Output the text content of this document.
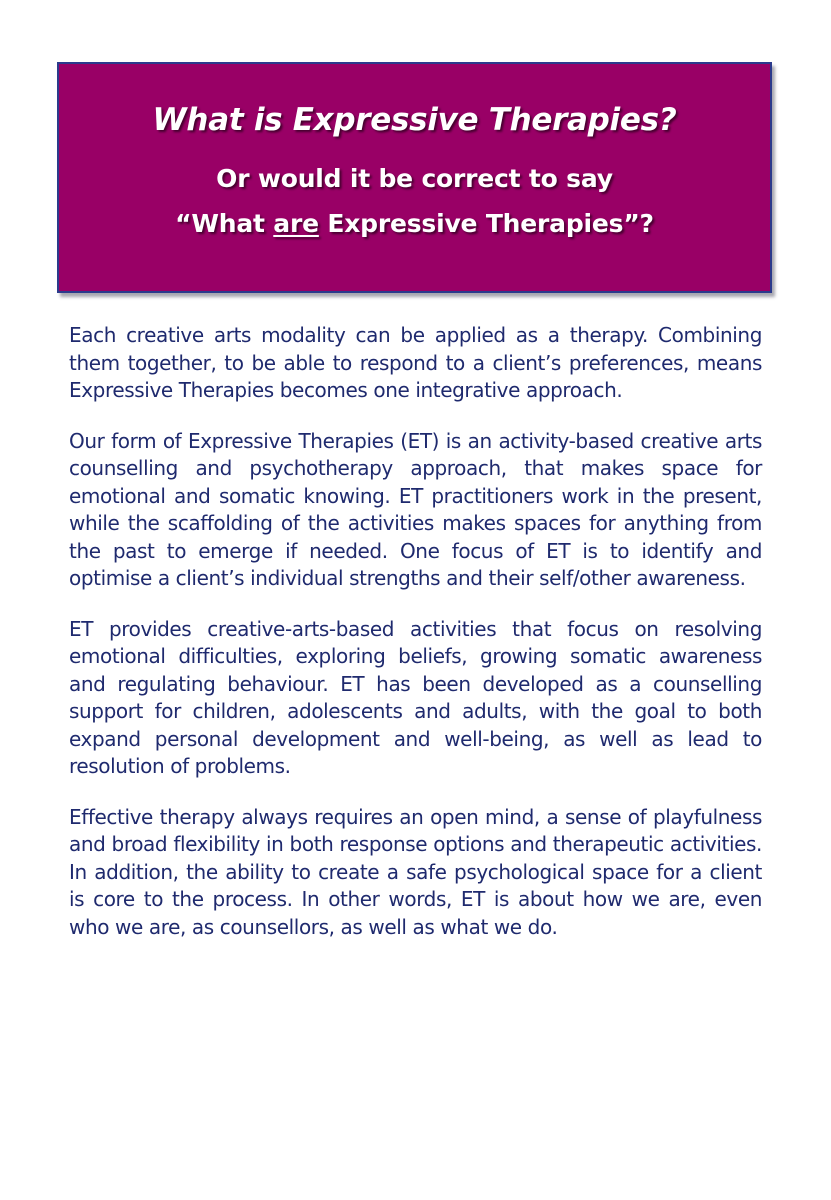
What is Expressive Therapies?
Or would it be correct to say
“What are Expressive Therapies”?

Each creative arts modality can be applied as a therapy. Combining them together, to be able to respond to a client’s preferences, means Expressive Therapies becomes one integrative approach.

Our form of Expressive Therapies (ET) is an activity-based creative arts counselling and psychotherapy approach, that makes space for emotional and somatic knowing. ET practitioners work in the present, while the scaffolding of the activities makes spaces for anything from the past to emerge if needed. One focus of ET is to identify and optimise a client’s individual strengths and their self/other awareness.

ET provides creative-arts-based activities that focus on resolving emotional difficulties, exploring beliefs, growing somatic awareness and regulating behaviour. ET has been developed as a counselling support for children, adolescents and adults, with the goal to both expand personal development and well-being, as well as lead to resolution of problems.

Effective therapy always requires an open mind, a sense of playfulness and broad flexibility in both response options and therapeutic activities. In addition, the ability to create a safe psychological space for a client is core to the process. In other words, ET is about how we are, even who we are, as counsellors, as well as what we do.
